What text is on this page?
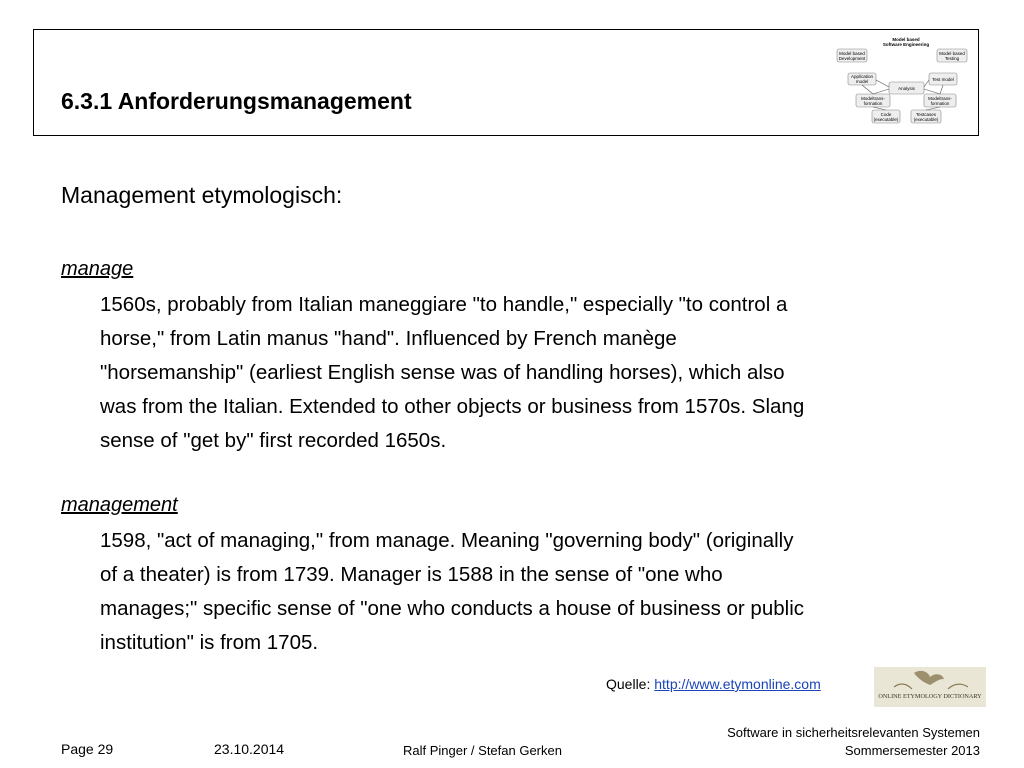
6.3.1 Anforderungsmanagement
Model based
Software Engineering
Model based
Development
Model based
Testing
Application
model	Test model
Analysis
Modeltrans-
formation
Modeltrans-
formation
Code
(executable)
Testcases
(executable)
Management etymologisch:

manage

1560s, probably from Italian maneggiare "to handle," especially "to control a
horse," from Latin manus "hand". Influenced by French manège
"horsemanship" (earliest English sense was of handling horses), which also
was from the Italian. Extended to other objects or business from 1570s. Slang
sense of "get by" first recorded 1650s.

management

1598, "act of managing," from manage. Meaning "governing body" (originally
of a theater) is from 1739. Manager is 1588 in the sense of "one who
manages;" specific sense of "one who conducts a house of business or public
institution" is from 1705.

Quelle: http://www.etymonline.com
ONLINE ETYMOLOGY DICTIONARY
Page 29	23.10.2014	Ralf Pinger / Stefan Gerken
Software in sicherheitsrelevanten Systemen
Sommersemester 2013
